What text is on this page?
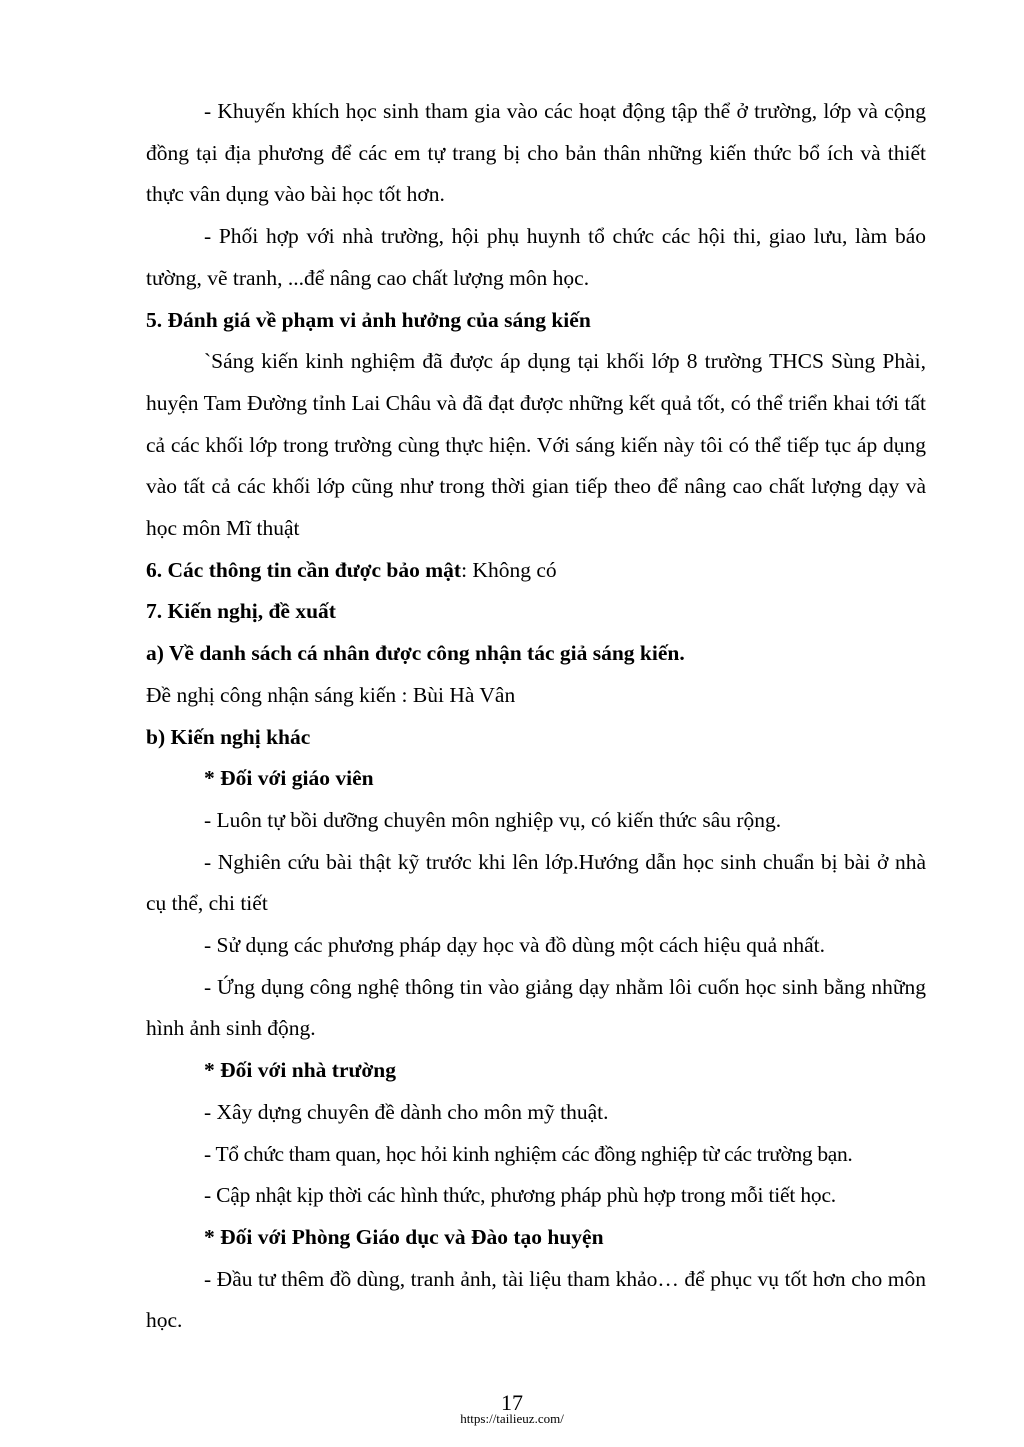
- Khuyến khích học sinh tham gia vào các hoạt động tập thể ở trường, lớp và cộng đồng tại địa phương để các em tự trang bị cho bản thân những kiến thức bổ ích và thiết thực vân dụng vào bài học tốt hơn.

- Phối hợp với nhà trường, hội phụ huynh tổ chức các hội thi, giao lưu, làm báo tường, vẽ tranh, ...để nâng cao chất lượng môn học.

5. Đánh giá về phạm vi ảnh hưởng của sáng kiến

`Sáng kiến kinh nghiệm đã được áp dụng tại khối lớp 8 trường THCS Sùng Phài, huyện Tam Đường tỉnh Lai Châu và đã đạt được những kết quả tốt, có thể triển khai tới tất cả các khối lớp trong trường cùng thực hiện. Với sáng kiến này tôi có thể tiếp tục áp dụng vào tất cả các khối lớp cũng như trong thời gian tiếp theo để nâng cao chất lượng dạy và học môn Mĩ thuật

6. Các thông tin cần được bảo mật: Không có

7. Kiến nghị, đề xuất

a) Về danh sách cá nhân được công nhận tác giả sáng kiến.

Đề nghị công nhận sáng kiến : Bùi Hà Vân

b) Kiến nghị khác

* Đối với giáo viên

- Luôn tự bồi dưỡng chuyên môn nghiệp vụ, có kiến thức sâu rộng.

- Nghiên cứu bài thật kỹ trước khi lên lớp.Hướng dẫn học sinh chuẩn bị bài ở nhà cụ thể, chi tiết

- Sử dụng các phương pháp dạy học và đồ dùng một cách hiệu quả nhất.

- Ứng dụng công nghệ thông tin vào giảng dạy nhằm lôi cuốn học sinh bằng những hình ảnh sinh động.

* Đối với nhà trường

- Xây dựng chuyên đề dành cho môn mỹ thuật.

- Tổ chức tham quan, học hỏi kinh nghiệm các đồng nghiệp từ các trường bạn.

- Cập nhật kịp thời các hình thức, phương pháp phù hợp trong mỗi tiết học.

* Đối với Phòng Giáo dục và Đào tạo huyện

- Đầu tư thêm đồ dùng, tranh ảnh, tài liệu tham khảo… để phục vụ tốt hơn cho môn học.

17
https://tailieuz.com/
